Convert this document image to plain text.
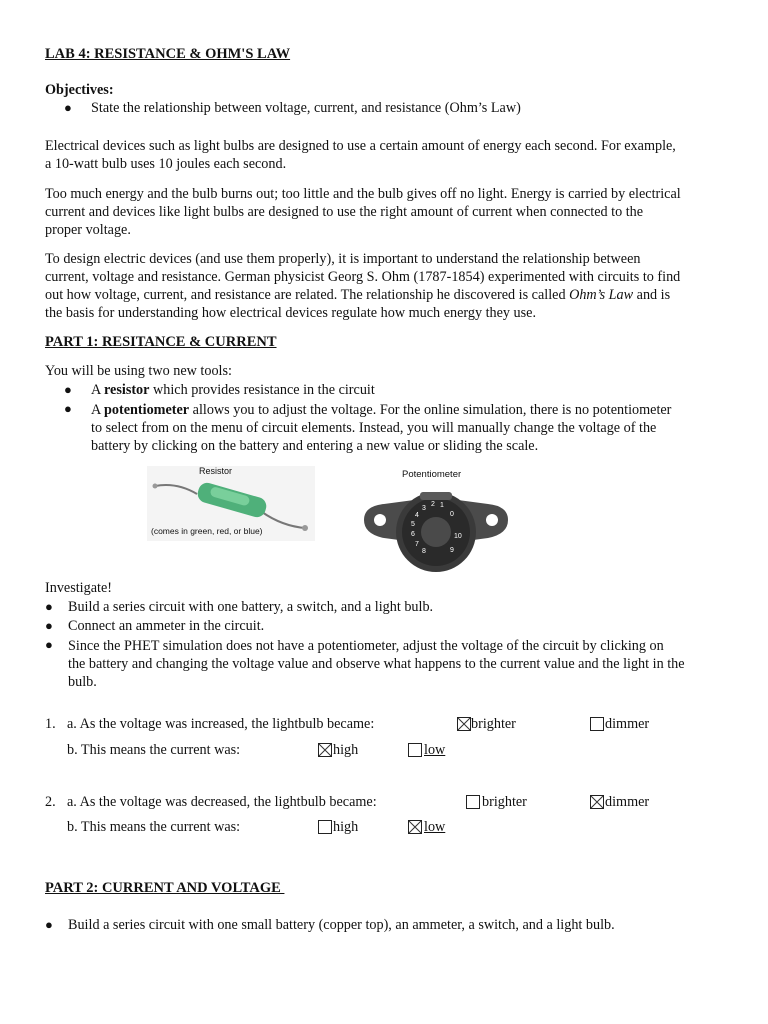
LAB 4: RESISTANCE & OHM'S LAW
Objectives:
● State the relationship between voltage, current, and resistance (Ohm’s Law)
Electrical devices such as light bulbs are designed to use a certain amount of energy each second. For example,
a 10-watt bulb uses 10 joules each second.
Too much energy and the bulb burns out; too little and the bulb gives off no light. Energy is carried by electrical
current and devices like light bulbs are designed to use the right amount of current when connected to the
proper voltage.
To design electric devices (and use them properly), it is important to understand the relationship between
current, voltage and resistance. German physicist Georg S. Ohm (1787-1854) experimented with circuits to find
out how voltage, current, and resistance are related. The relationship he discovered is called Ohm’s Law and is
the basis for understanding how electrical devices regulate how much energy they use.
PART 1: RESITANCE & CURRENT
You will be using two new tools:
● A resistor which provides resistance in the circuit
● A potentiometer allows you to adjust the voltage. For the online simulation, there is no potentiometer
to select from on the menu of circuit elements. Instead, you will manually change the voltage of the
battery by clicking on the battery and entering a new value or sliding the scale.
Resistor
(comes in green, red, or blue)
Potentiometer
1
2
3
4
5
6
7
8	9
10
0
Investigate!
● Build a series circuit with one battery, a switch, and a light bulb.
● Connect an ammeter in the circuit.
● Since the PHET simulation does not have a potentiometer, adjust the voltage of the circuit by clicking on
the battery and changing the voltage value and observe what happens to the current value and the light in the
bulb.
1. a. As the voltage was increased, the lightbulb became:	brighter	dimmer
b. This means the current was:	high	low
2. a. As the voltage was decreased, the lightbulb became:	brighter	dimmer
b. This means the current was:	high	low
PART 2: CURRENT AND VOLTAGE
● Build a series circuit with one small battery (copper top), an ammeter, a switch, and a light bulb.
